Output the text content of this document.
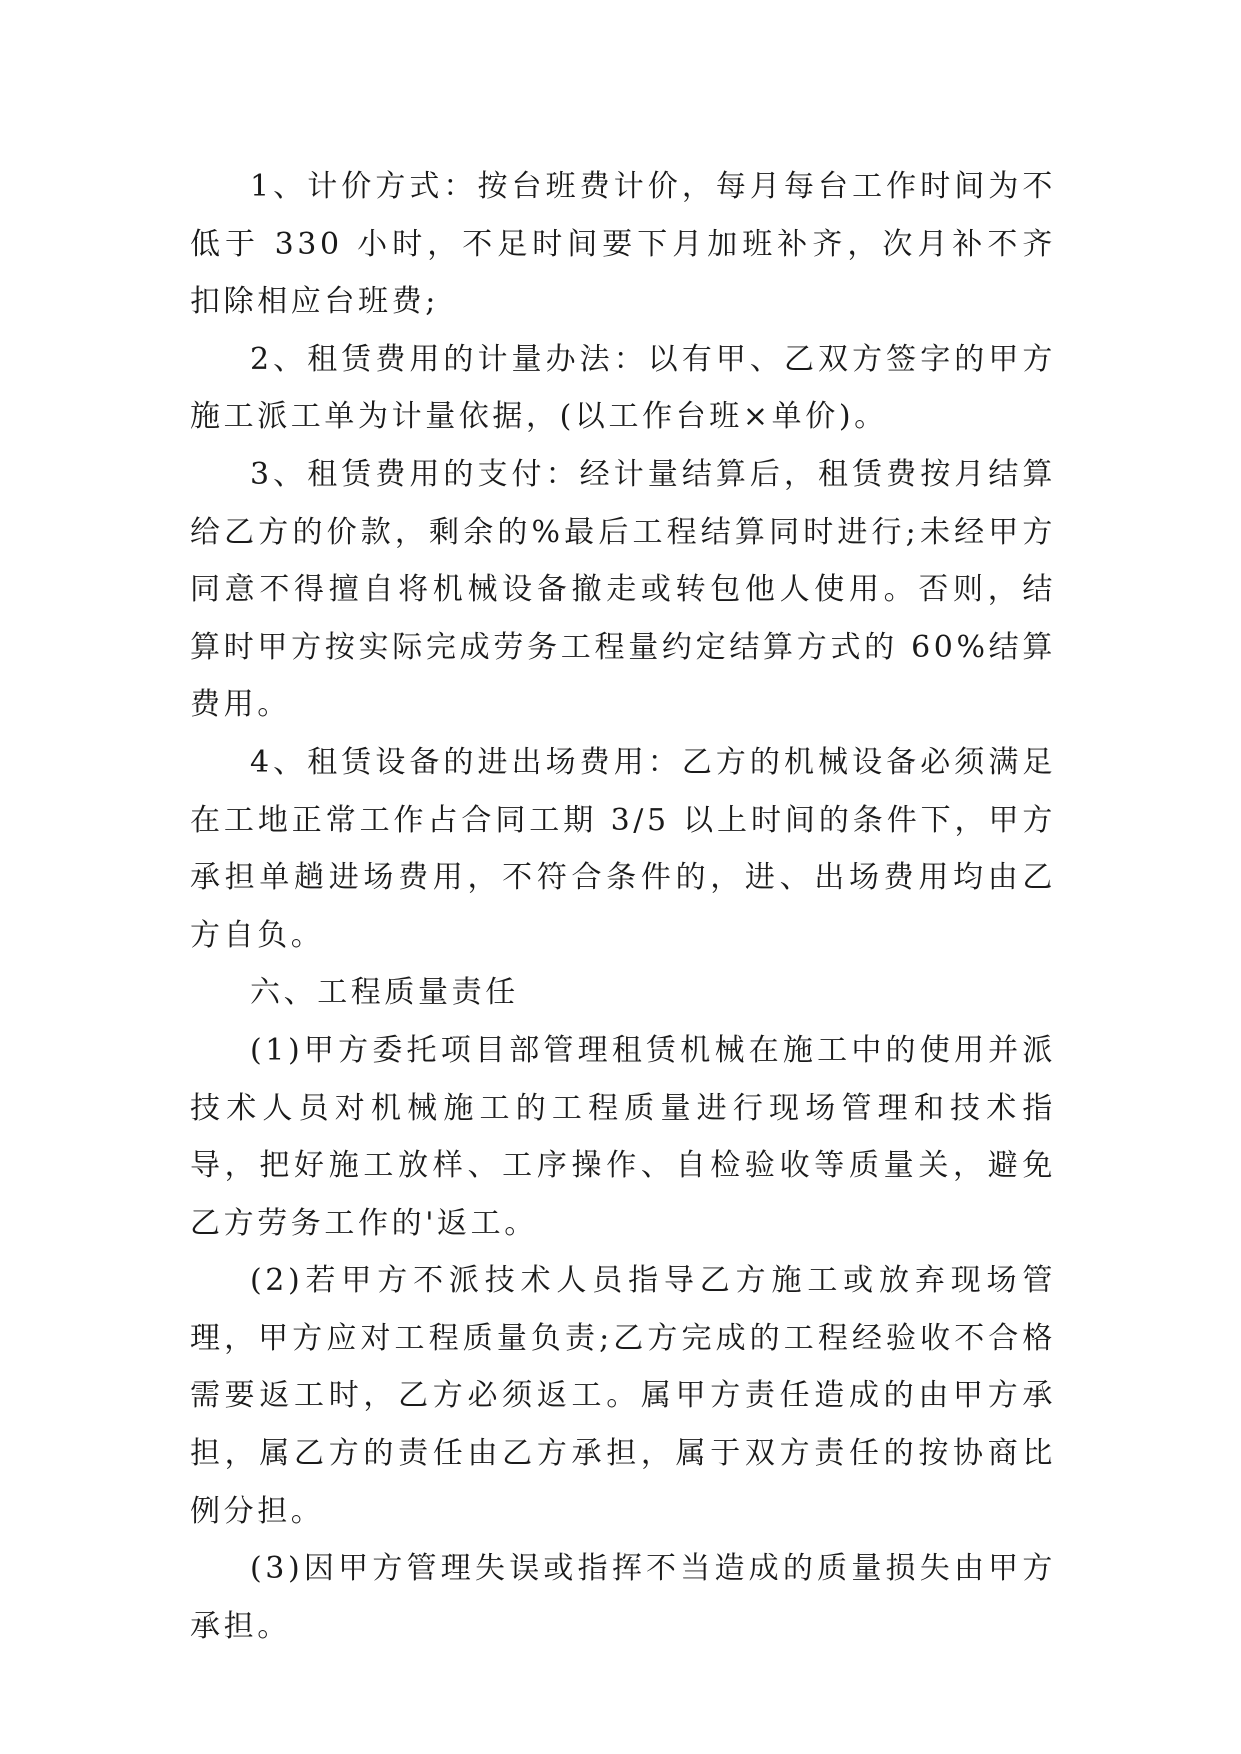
1、计价方式：按台班费计价，每月每台工作时间为不低于 330 小时，不足时间要下月加班补齐，次月补不齐扣除相应台班费;

2、租赁费用的计量办法：以有甲、乙双方签字的甲方施工派工单为计量依据，(以工作台班×单价)。

3、租赁费用的支付：经计量结算后，租赁费按月结算给乙方的价款，剩余的%最后工程结算同时进行;未经甲方同意不得擅自将机械设备撤走或转包他人使用。否则，结算时甲方按实际完成劳务工程量约定结算方式的 60%结算费用。

4、租赁设备的进出场费用：乙方的机械设备必须满足在工地正常工作占合同工期 3/5 以上时间的条件下，甲方承担单趟进场费用，不符合条件的，进、出场费用均由乙方自负。

六、工程质量责任

(1)甲方委托项目部管理租赁机械在施工中的使用并派技术人员对机械施工的工程质量进行现场管理和技术指导，把好施工放样、工序操作、自检验收等质量关，避免乙方劳务工作的'返工。

(2)若甲方不派技术人员指导乙方施工或放弃现场管理，甲方应对工程质量负责;乙方完成的工程经验收不合格需要返工时，乙方必须返工。属甲方责任造成的由甲方承担，属乙方的责任由乙方承担，属于双方责任的按协商比例分担。

(3)因甲方管理失误或指挥不当造成的质量损失由甲方承担。
